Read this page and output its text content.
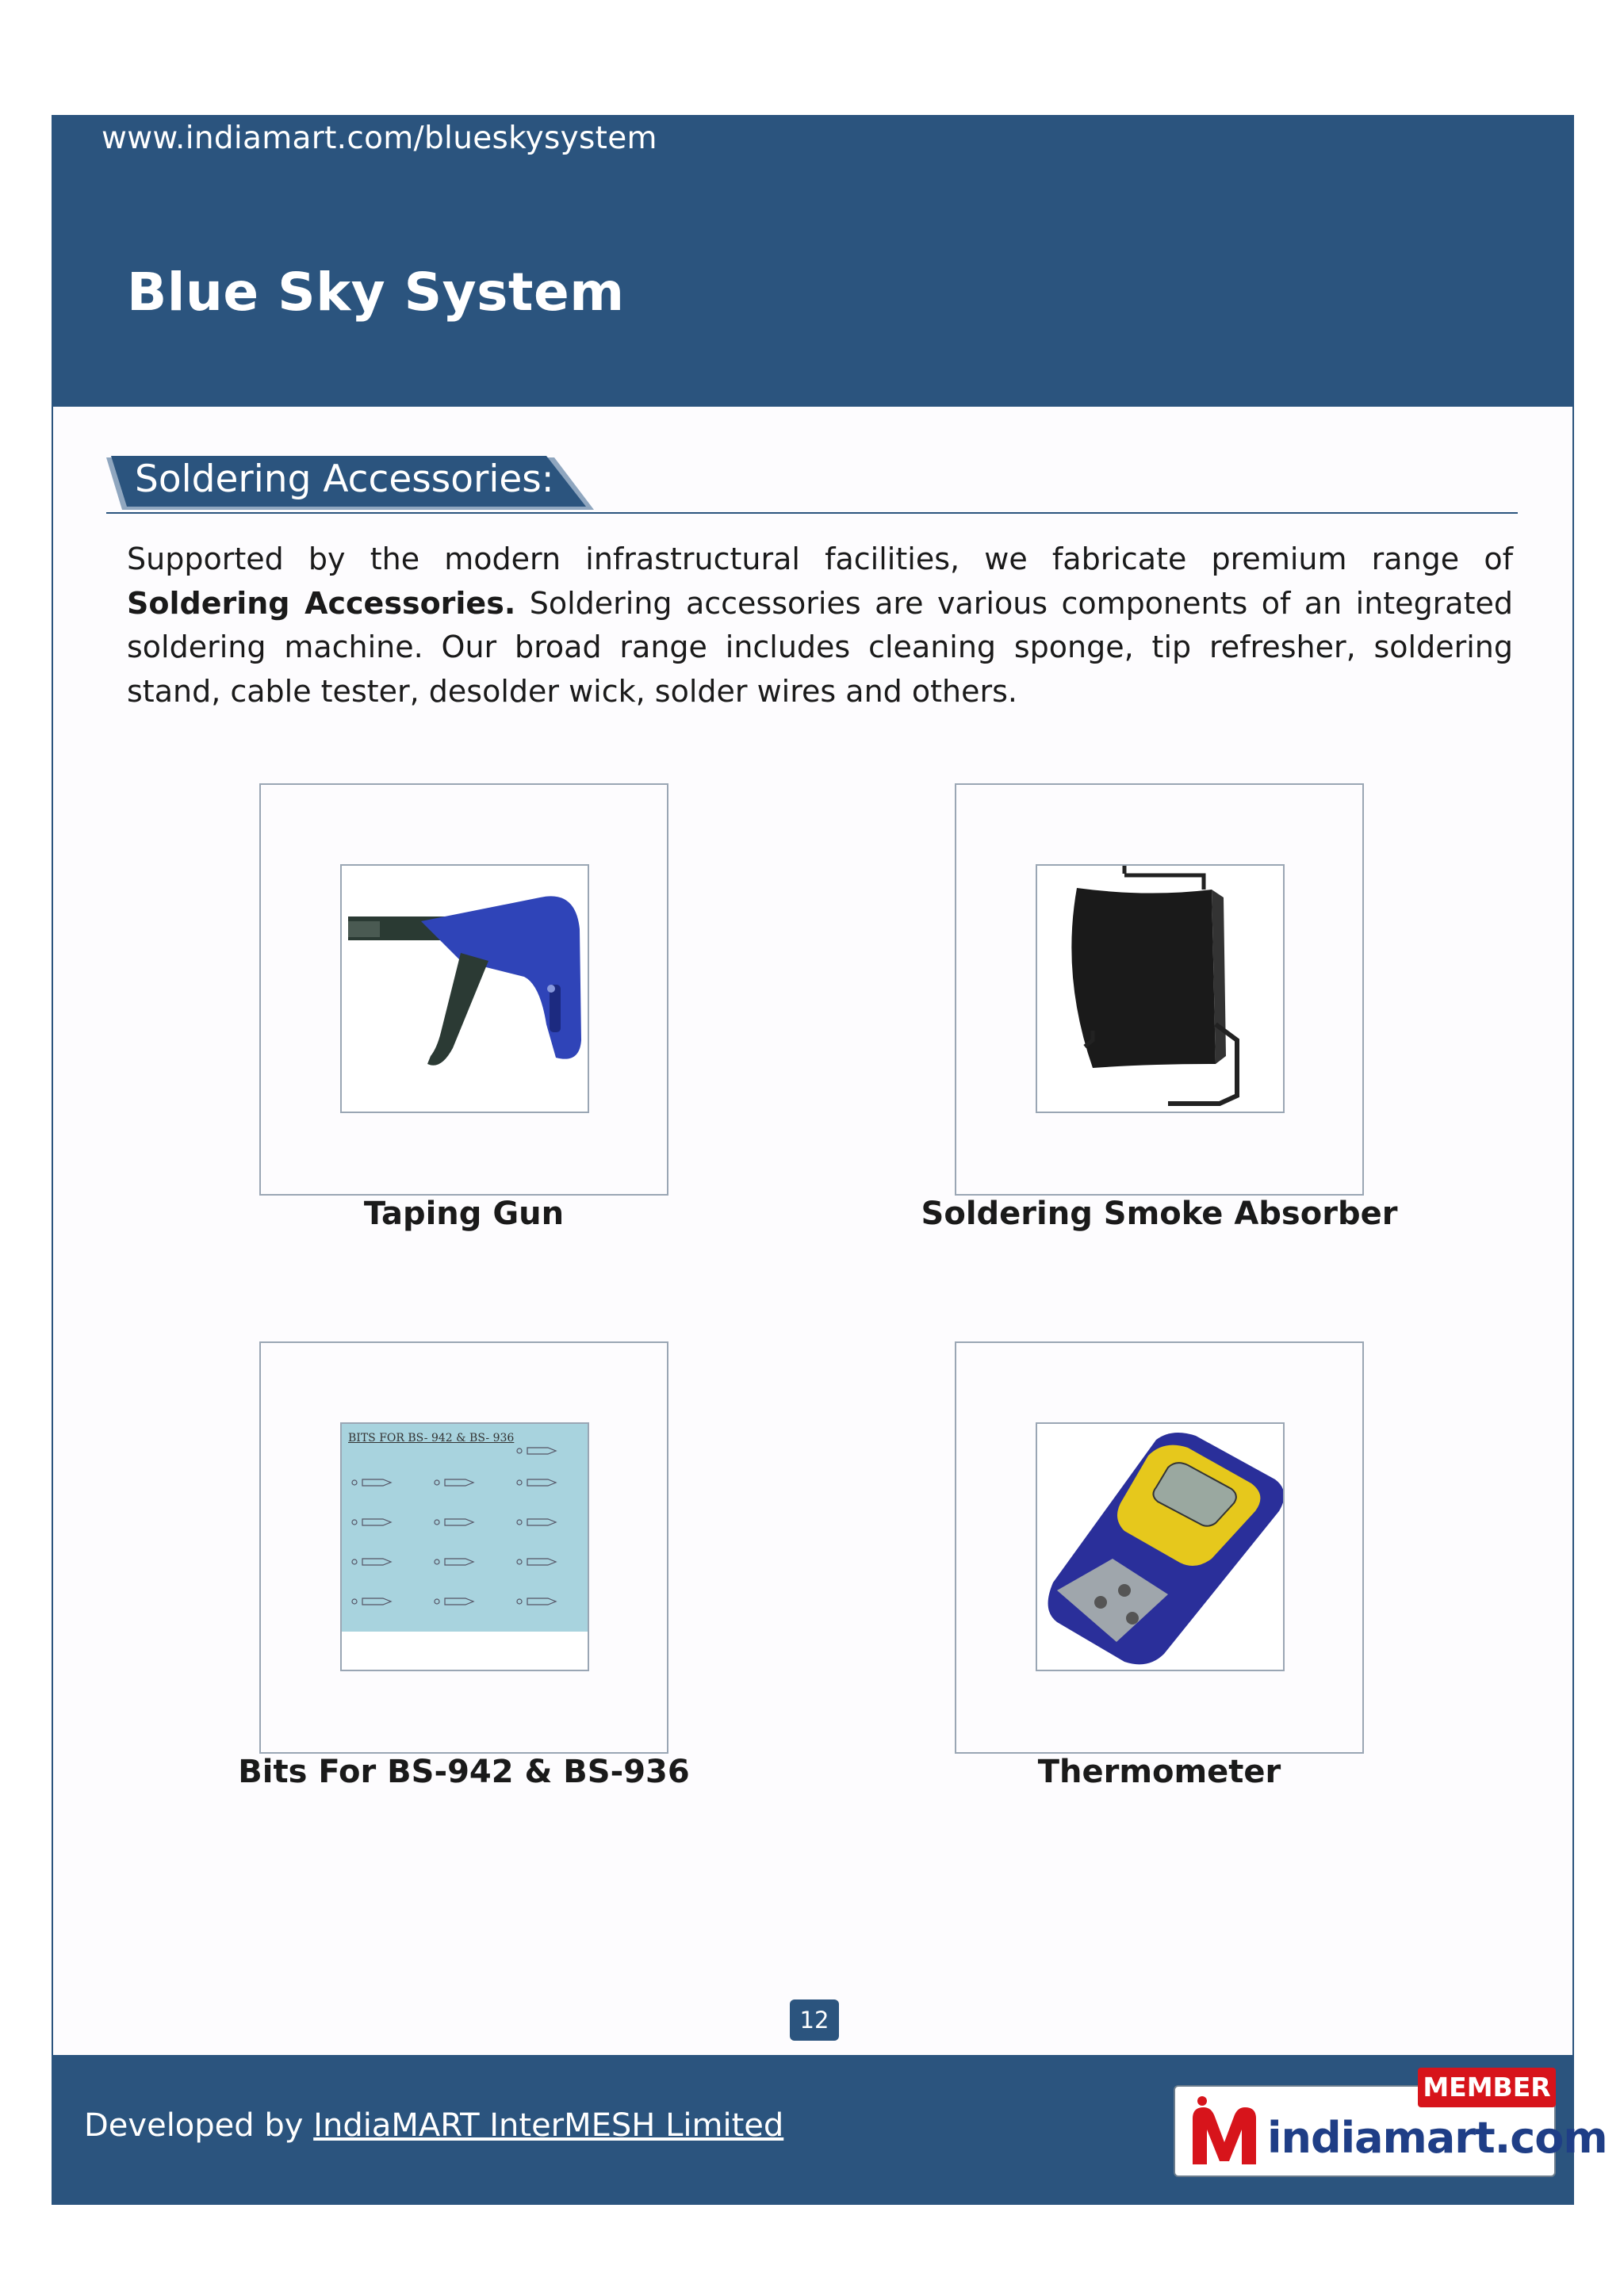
www.indiamart.com/blueskysystem
Blue Sky System
Soldering Accessories:
Supported by the modern infrastructural facilities, we fabricate premium range of Soldering Accessories. Soldering accessories are various components of an integrated soldering machine. Our broad range includes cleaning sponge, tip refresher, soldering stand, cable tester, desolder wick, solder wires and others.
Taping Gun	Soldering Smoke Absorber
BITS FOR BS- 942 & BS- 936
Bits For BS-942 & BS-936	Thermometer
12
Developed by IndiaMART InterMESH Limited
MEMBER
indiamart.com
